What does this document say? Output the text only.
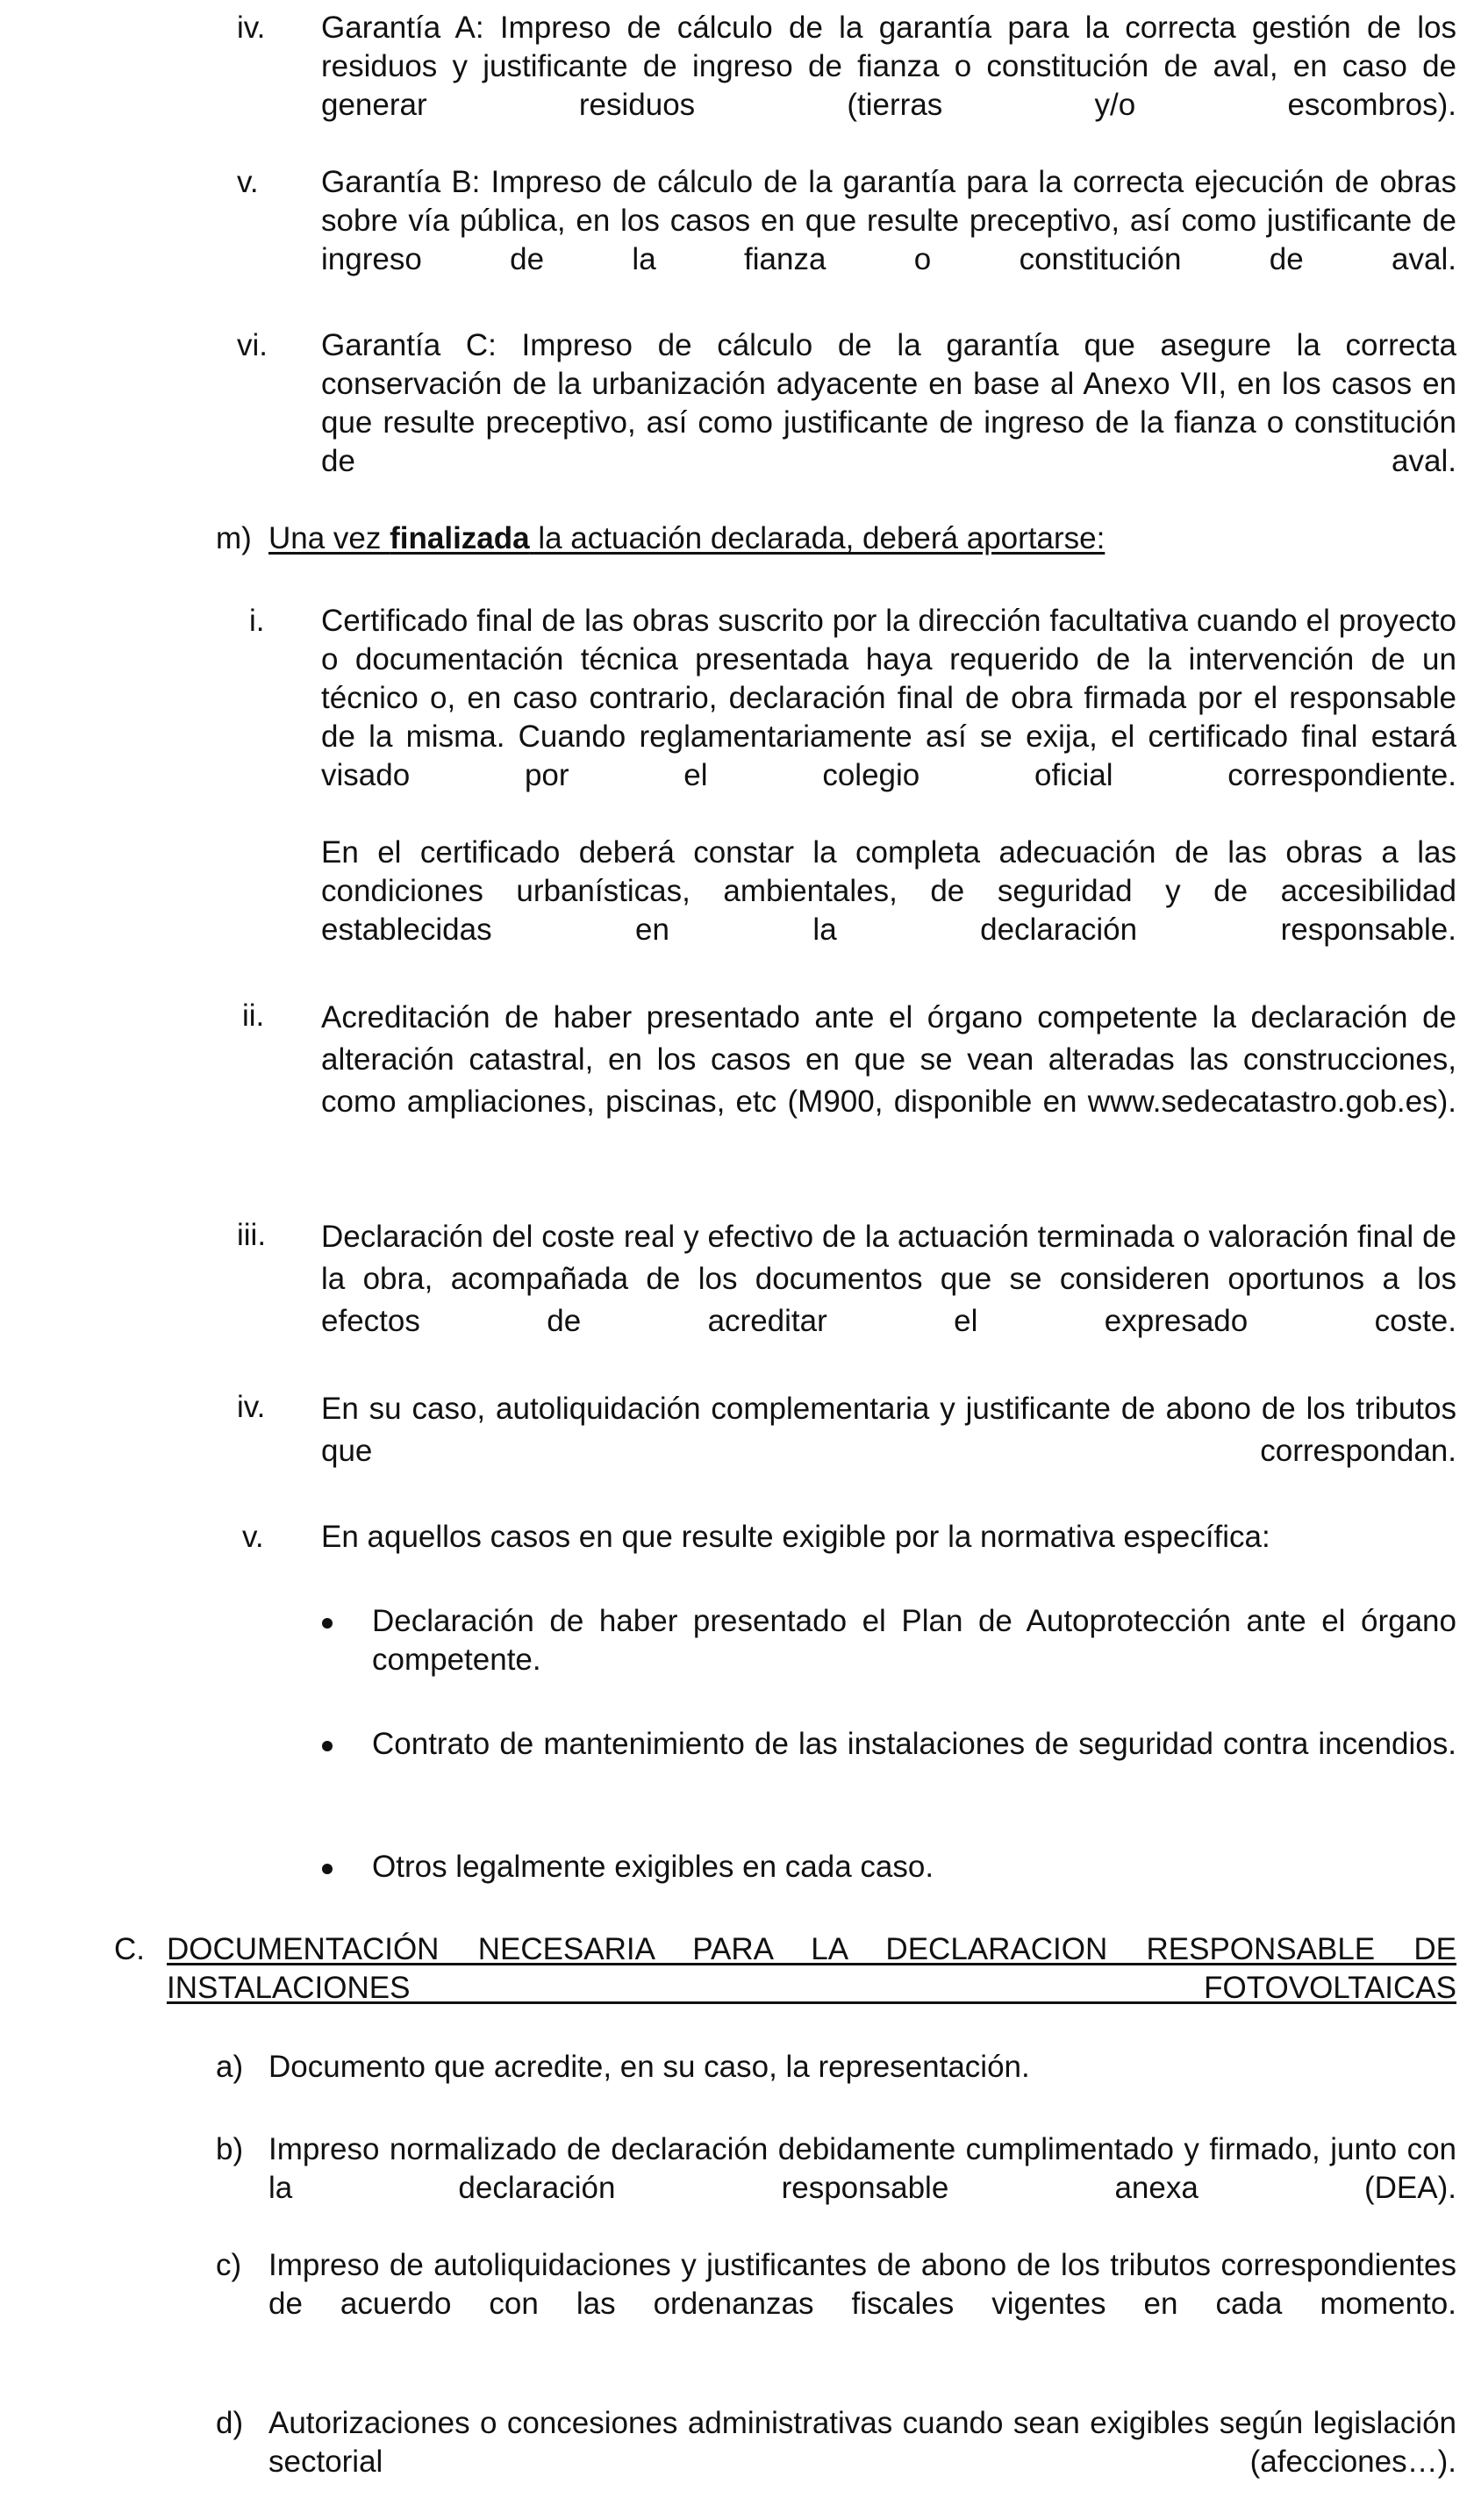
iv. Garantía A: Impreso de cálculo de la garantía para la correcta gestión de los residuos y justificante de ingreso de fianza o constitución de aval, en caso de generar residuos (tierras y/o escombros).

v. Garantía B: Impreso de cálculo de la garantía para la correcta ejecución de obras sobre vía pública, en los casos en que resulte preceptivo, así como justificante de ingreso de la fianza o constitución de aval.

vi. Garantía C: Impreso de cálculo de la garantía que asegure la correcta conservación de la urbanización adyacente en base al Anexo VII, en los casos en que resulte preceptivo, así como justificante de ingreso de la fianza o constitución de aval.

m) Una vez finalizada la actuación declarada, deberá aportarse:

i. Certificado final de las obras suscrito por la dirección facultativa cuando el proyecto o documentación técnica presentada haya requerido de la intervención de un técnico o, en caso contrario, declaración final de obra firmada por el responsable de la misma. Cuando reglamentariamente así se exija, el certificado final estará visado por el colegio oficial correspondiente.

En el certificado deberá constar la completa adecuación de las obras a las condiciones urbanísticas, ambientales, de seguridad y de accesibilidad establecidas en la declaración responsable.

ii. Acreditación de haber presentado ante el órgano competente la declaración de alteración catastral, en los casos en que se vean alteradas las construcciones, como ampliaciones, piscinas, etc (M900, disponible en www.sedecatastro.gob.es).

iii. Declaración del coste real y efectivo de la actuación terminada o valoración final de la obra, acompañada de los documentos que se consideren oportunos a los efectos de acreditar el expresado coste.

iv. En su caso, autoliquidación complementaria y justificante de abono de los tributos que correspondan.

v. En aquellos casos en que resulte exigible por la normativa específica:

Declaración de haber presentado el Plan de Autoprotección ante el órgano competente.

Contrato de mantenimiento de las instalaciones de seguridad contra incendios.

Otros legalmente exigibles en cada caso.

C. DOCUMENTACIÓN NECESARIA PARA LA DECLARACION RESPONSABLE DE INSTALACIONES FOTOVOLTAICAS

a) Documento que acredite, en su caso, la representación.

b) Impreso normalizado de declaración debidamente cumplimentado y firmado, junto con la declaración responsable anexa (DEA).

c) Impreso de autoliquidaciones y justificantes de abono de los tributos correspondientes de acuerdo con las ordenanzas fiscales vigentes en cada momento.

d) Autorizaciones o concesiones administrativas cuando sean exigibles según legislación sectorial (afecciones…).
